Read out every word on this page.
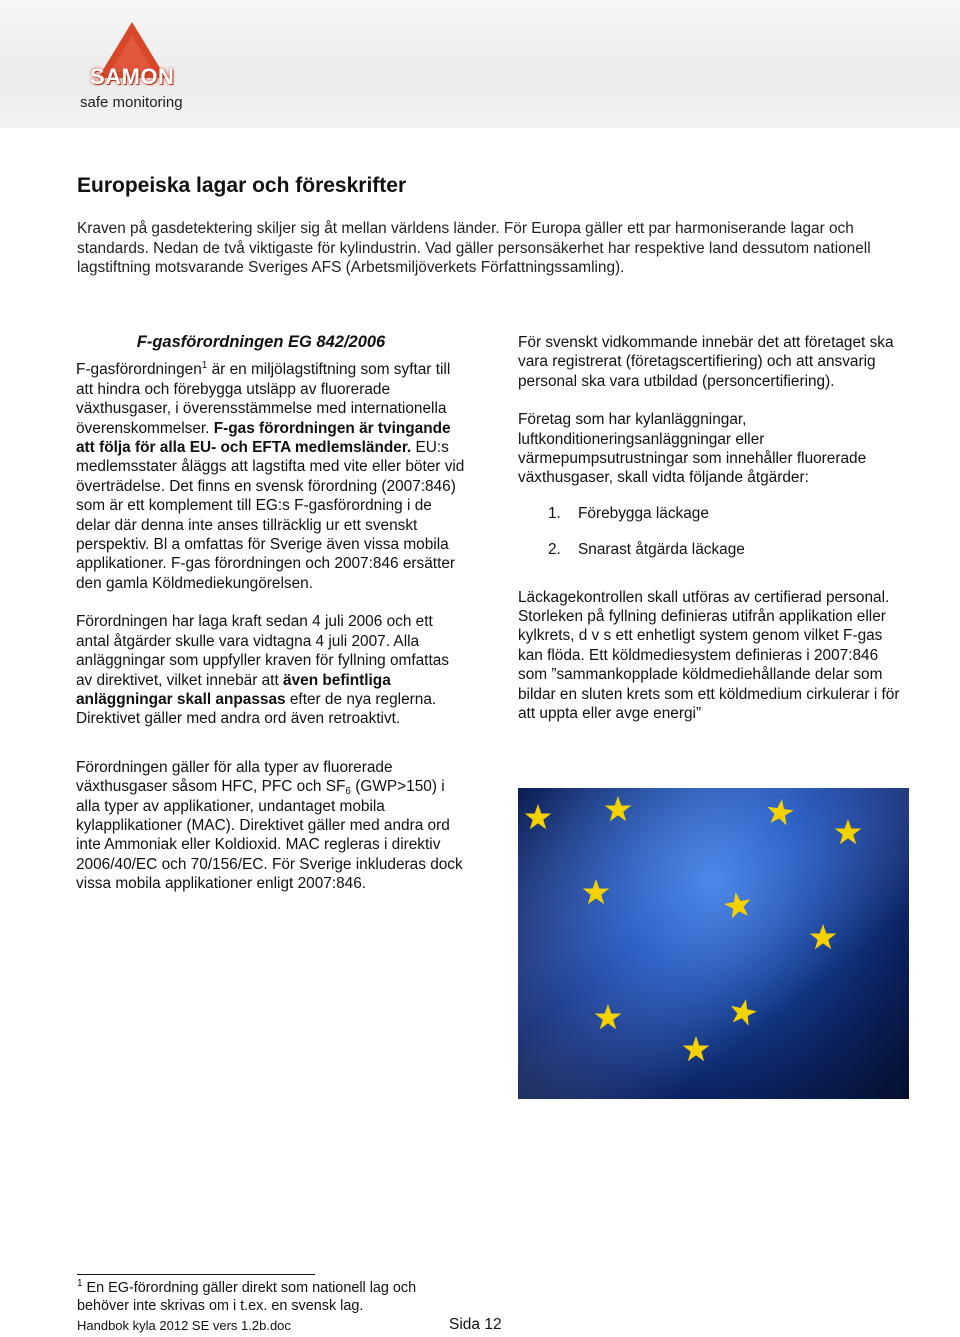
SAMON
safe monitoring
Europeiska lagar och föreskrifter

Kraven på gasdetektering skiljer sig åt mellan världens länder. För Europa gäller ett par harmoniserande lagar och standards. Nedan de två viktigaste för kylindustrin. Vad gäller personsäkerhet har respektive land dessutom nationell lagstiftning motsvarande Sveriges AFS (Arbetsmiljöverkets Författningssamling).

F-gasförordningen EG 842/2006

F-gasförordningen$^1$ är en miljölagstiftning som syftar till att hindra och förebygga utsläpp av fluorerade växthusgaser, i överensstämmelse med internationella överenskommelser. F-gas förordningen är tvingande att följa för alla EU- och EFTA medlemsländer. EU:s medlemsstater åläggs att lagstifta med vite eller böter vid överträdelse. Det finns en svensk förordning (2007:846) som är ett komplement till EG:s F-gasförordning i de delar där denna inte anses tillräcklig ur ett svenskt perspektiv. Bl a omfattas för Sverige även vissa mobila applikationer. F-gas förordningen och 2007:846 ersätter den gamla Köldmediekungörelsen.

Förordningen har laga kraft sedan 4 juli 2006 och ett antal åtgärder skulle vara vidtagna 4 juli 2007. Alla anläggningar som uppfyller kraven för fyllning omfattas av direktivet, vilket innebär att även befintliga anläggningar skall anpassas efter de nya reglerna. Direktivet gäller med andra ord även retroaktivt.

Förordningen gäller för alla typer av fluorerade växthusgaser såsom HFC, PFC och $SF_6$ (GWP>150) i alla typer av applikationer, undantaget mobila kylapplikationer (MAC). Direktivet gäller med andra ord inte Ammoniak eller Koldioxid. MAC regleras i direktiv 2006/40/EC och 70/156/EC. För Sverige inkluderas dock vissa mobila applikationer enligt 2007:846.

För svenskt vidkommande innebär det att företaget ska vara registrerat (företagscertifiering) och att ansvarig personal ska vara utbildad (personcertifiering).

Företag som har kylanläggningar, luftkonditioneringsanläggningar eller värmepumpsutrustningar som innehåller fluorerade växthusgaser, skall vidta följande åtgärder:

1.	Förebygga läckage
2.	Snarast åtgärda läckage

Läckagekontrollen skall utföras av certifierad personal. Storleken på fyllning definieras utifrån applikation eller kylkrets, d v s ett enhetligt system genom vilket F-gas kan flöda. Ett köldmediesystem definieras i 2007:846 som ”sammankopplade köldmediehållande delar som bildar en sluten krets som ett köldmedium cirkulerar i för att uppta eller avge energi”

$^1$ En EG-förordning gäller direkt som nationell lag och behöver inte skrivas om i t.ex. en svensk lag.
Handbok kyla 2012 SE vers 1.2b.doc	Sida 12
